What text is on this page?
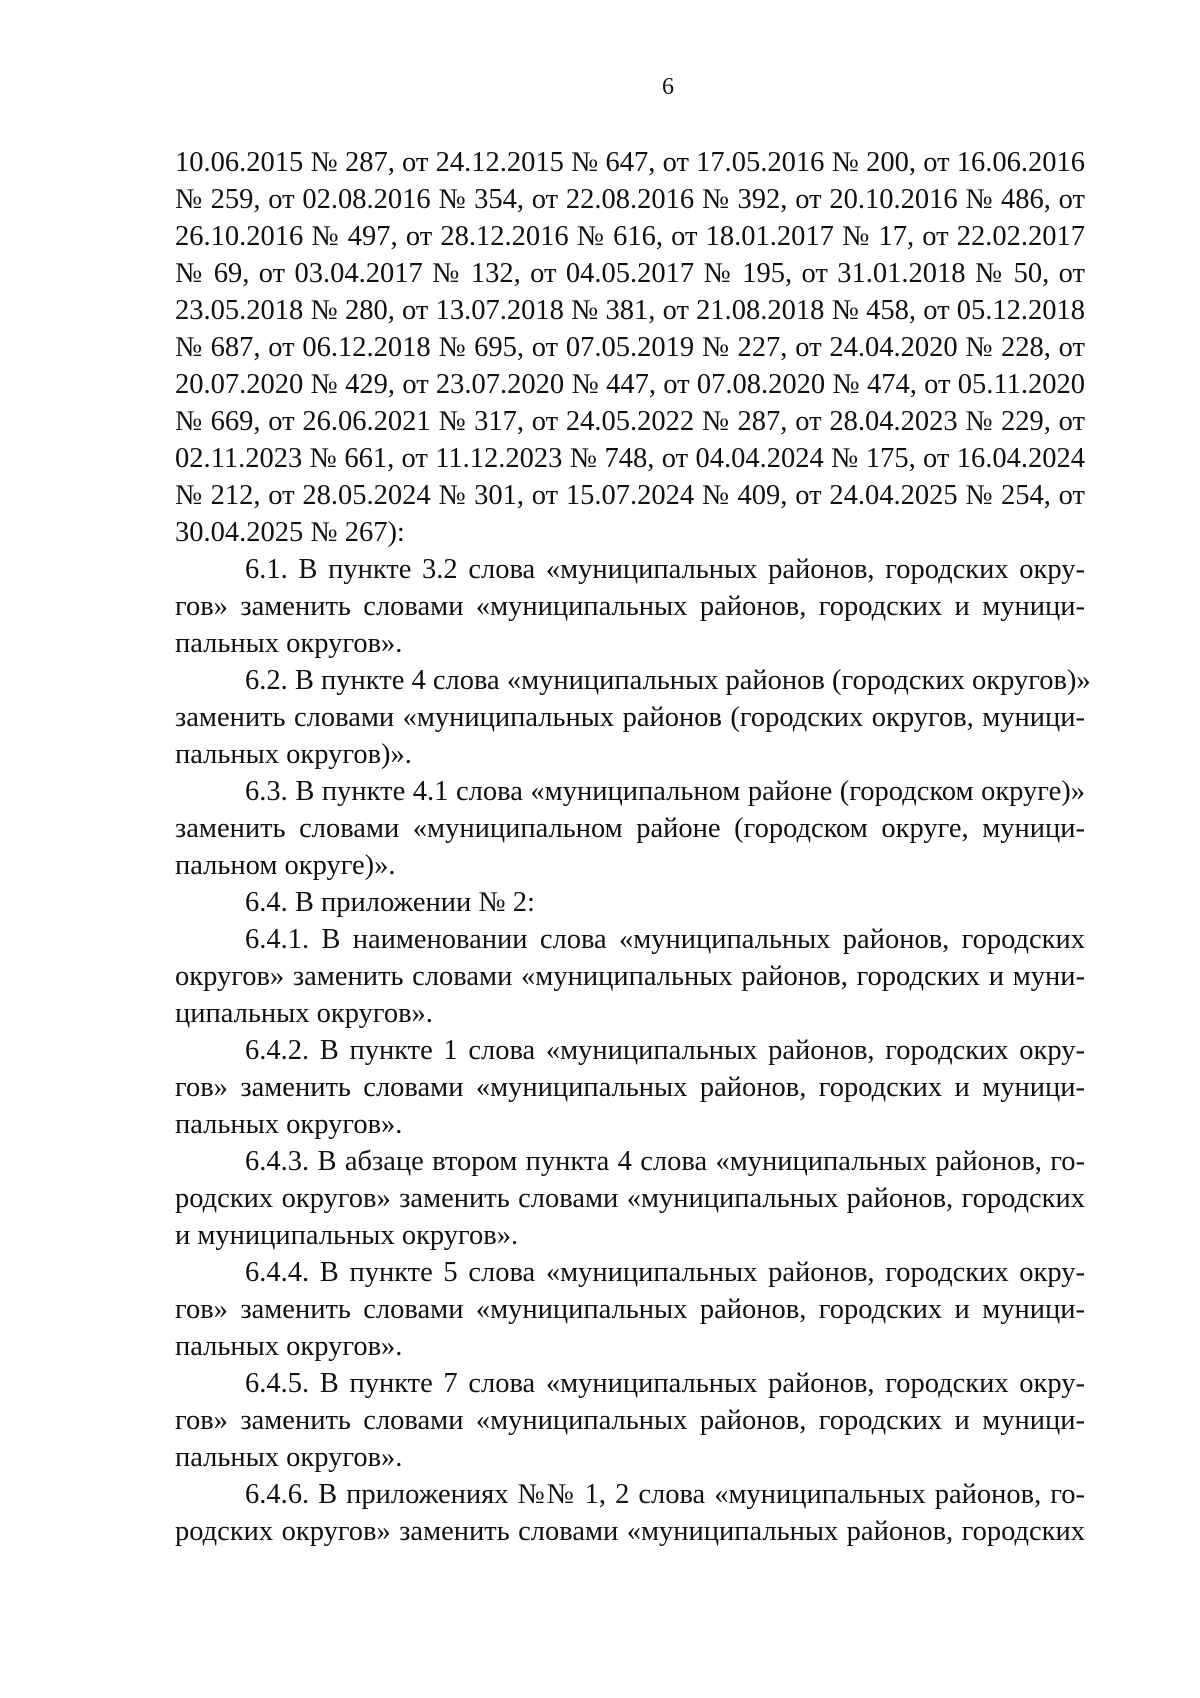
6
10.06.2015 № 287, от 24.12.2015 № 647, от 17.05.2016 № 200, от 16.06.2016
№ 259, от 02.08.2016 № 354, от 22.08.2016 № 392, от 20.10.2016 № 486, от
26.10.2016 № 497, от 28.12.2016 № 616, от 18.01.2017 № 17, от 22.02.2017
№ 69, от 03.04.2017 № 132, от 04.05.2017 № 195, от 31.01.2018 № 50, от
23.05.2018 № 280, от 13.07.2018 № 381, от 21.08.2018 № 458, от 05.12.2018
№ 687, от 06.12.2018 № 695, от 07.05.2019 № 227, от 24.04.2020 № 228, от
20.07.2020 № 429, от 23.07.2020 № 447, от 07.08.2020 № 474, от 05.11.2020
№ 669, от 26.06.2021 № 317, от 24.05.2022 № 287, от 28.04.2023 № 229, от
02.11.2023 № 661, от 11.12.2023 № 748, от 04.04.2024 № 175, от 16.04.2024
№ 212, от 28.05.2024 № 301, от 15.07.2024 № 409, от 24.04.2025 № 254, от
30.04.2025 № 267):
6.1. В пункте 3.2 слова «муниципальных районов, городских окру-
гов» заменить словами «муниципальных районов, городских и муници-
пальных округов».
6.2. В пункте 4 слова «муниципальных районов (городских округов)»
заменить словами «муниципальных районов (городских округов, муници-
пальных округов)».
6.3. В пункте 4.1 слова «муниципальном районе (городском округе)»
заменить словами «муниципальном районе (городском округе, муници-
пальном округе)».
6.4. В приложении № 2:
6.4.1. В наименовании слова «муниципальных районов, городских
округов» заменить словами «муниципальных районов, городских и муни-
ципальных округов».
6.4.2. В пункте 1 слова «муниципальных районов, городских окру-
гов» заменить словами «муниципальных районов, городских и муници-
пальных округов».
6.4.3. В абзаце втором пункта 4 слова «муниципальных районов, го-
родских округов» заменить словами «муниципальных районов, городских
и муниципальных округов».
6.4.4. В пункте 5 слова «муниципальных районов, городских окру-
гов» заменить словами «муниципальных районов, городских и муници-
пальных округов».
6.4.5. В пункте 7 слова «муниципальных районов, городских окру-
гов» заменить словами «муниципальных районов, городских и муници-
пальных округов».
6.4.6. В приложениях №№ 1, 2 слова «муниципальных районов, го-
родских округов» заменить словами «муниципальных районов, городских
